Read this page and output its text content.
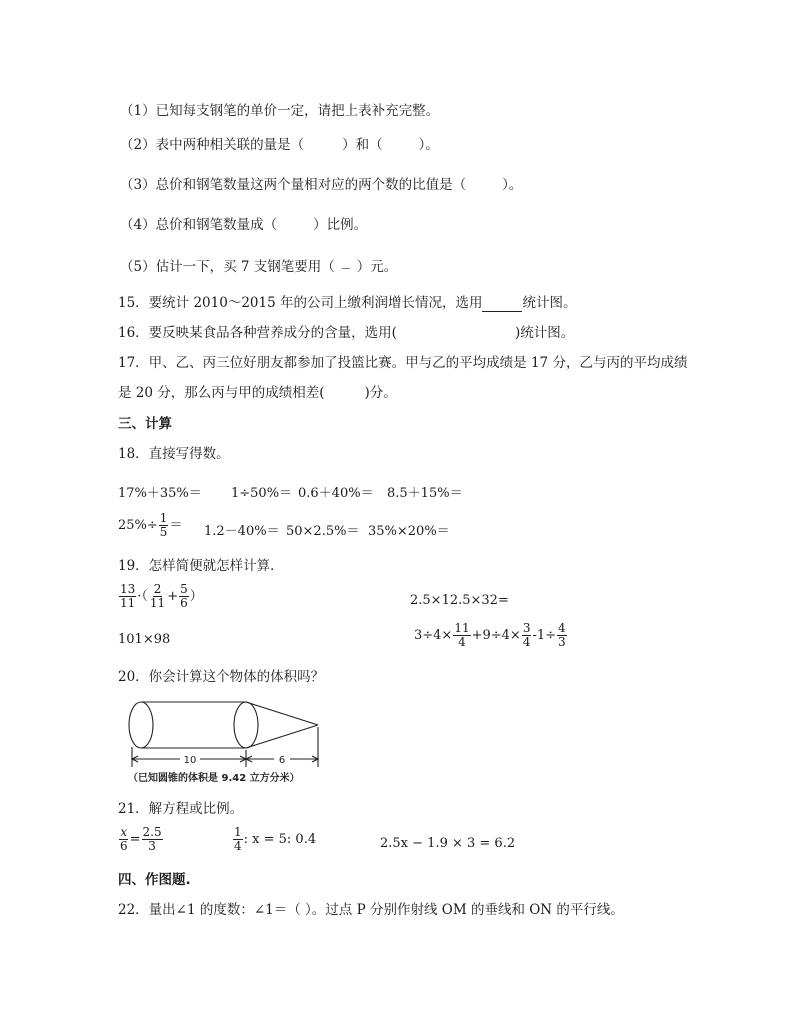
（1）已知每支钢笔的单价一定，请把上表补充完整。
（2）表中两种相关联的量是（	）和（	）。
（3）总价和钢笔数量这两个量相对应的两个数的比值是（	）。
（4）总价和钢笔数量成（	）比例。
（5）估计一下，买 7 支钢笔要用（ — ）元。
15．要统计 2010～2015 年的公司上缴利润增长情况，选用	统计图。
16．要反映某食品各种营养成分的含量，选用(	)统计图。
17．甲、乙、丙三位好朋友都参加了投篮比赛。甲与乙的平均成绩是 17 分，乙与丙的平均成绩
是 20 分，那么丙与甲的成绩相差(	)分。
三、计算
18．直接写得数。
17%＋35%＝ 1÷50%＝ 0.6＋40%＝ 8.5＋15%＝
$25\%\div \frac{1}{5} = 1.2-40\%= 50\times 2.5\%= 35\%\times 20\%=$
19．怎样简便就怎样计算．
$\frac{13}{11}$ ·（ $\frac{2}{11} + \frac{5}{6}$ ）	2.5×12.5×32=
101×98	$3\div 4\times \frac{11}{4} +9\div 4\times \frac{3}{4} -1\div \frac{4}{3}$
20．你会计算这个物体的体积吗？
10	6
（已知圆锥的体积是 9.42 立方分米）
21．解方程或比例。
$\frac{x}{6} = \frac{2.5}{3}$	$\frac{1}{4}$ : x = 5: 0.4	2.5x − 1.9 × 3 = 6.2
四、作图题.
22．量出∠1 的度数：∠1＝（ ）。过点 P 分别作射线 OM 的垂线和 ON 的平行线。
